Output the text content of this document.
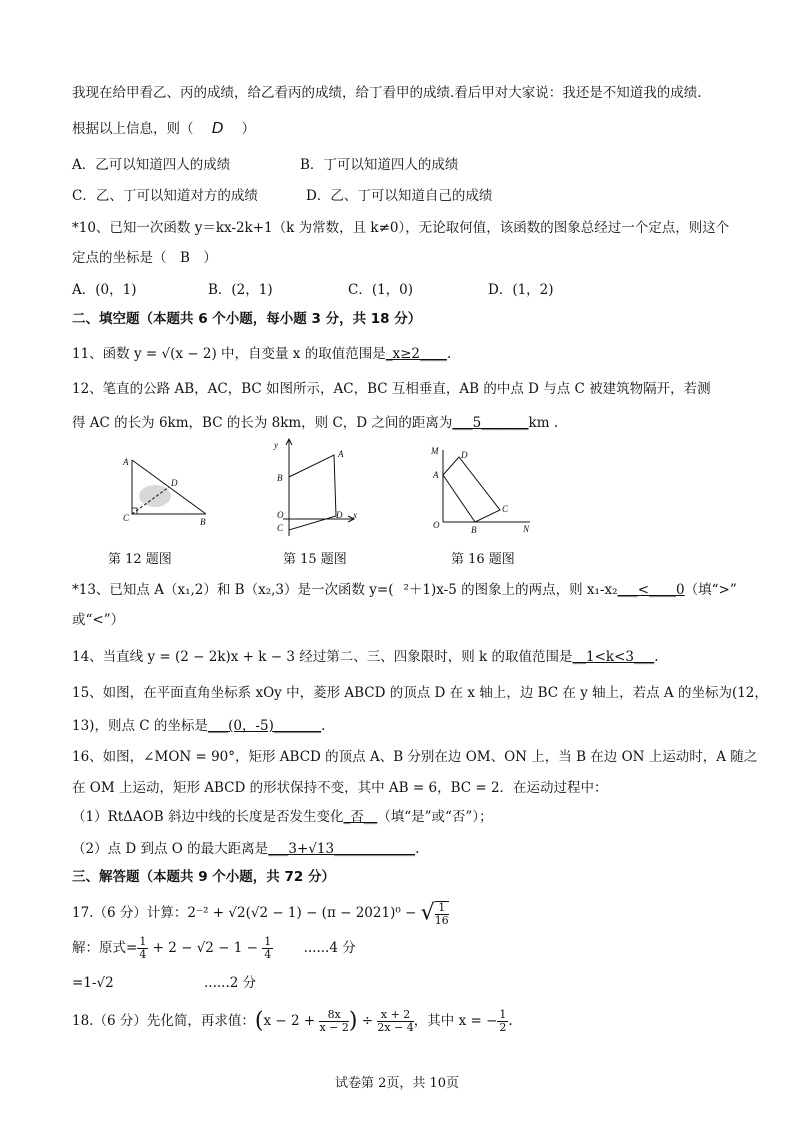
我现在给甲看乙、丙的成绩，给乙看丙的成绩，给丁看甲的成绩.看后甲对大家说：我还是不知道我的成绩.
根据以上信息，则（ D ）
A．乙可以知道四人的成绩	B．丁可以知道四人的成绩
C．乙、丁可以知道对方的成绩	D．乙、丁可以知道自己的成绩
*10、已知一次函数 y＝kx-2k+1（k 为常数，且 k≠0），无论取何值，该函数的图象总经过一个定点，则这个
定点的坐标是（　B　）
A．(0，1)	B．(2，1)	C．(1，0)	D．(1，2)
二、填空题（本题共 6 个小题，每小题 3 分，共 18 分）
11、函数 y = √(x − 2) 中，自变量 x 的取值范围是_x≥2____.
12、笔直的公路 AB，AC，BC 如图所示，AC，BC 互相垂直，AB 的中点 D 与点 C 被建筑物隔开，若测
得 AC 的长为 6km，BC 的长为 8km，则 C，D 之间的距离为___5_______km .
A
D
C	B
第 12 题图
y
A
B
O
C
D x
第 15 题图
M	D
A
C
O	B	N
第 16 题图
*13、已知点 A（x₁,2）和 B（x₂,3）是一次函数 y=( ²＋1)x-5 的图象上的两点，则 x₁-x₂___<____0（填“>”
或“<”）
14、当直线 y = (2 − 2k)x + k − 3 经过第二、三、四象限时，则 k 的取值范围是__1<k<3___.
15、如图，在平面直角坐标系 xOy 中，菱形 ABCD 的顶点 D 在 x 轴上，边 BC 在 y 轴上，若点 A 的坐标为(12，
13)，则点 C 的坐标是___(0，-5)_______.
16、如图，∠MON = 90°，矩形 ABCD 的顶点 A、B 分别在边 OM、ON 上，当 B 在边 ON 上运动时，A 随之
在 OM 上运动，矩形 ABCD 的形状保持不变，其中 AB = 6，BC = 2．在运动过程中：
（1）RtΔAOB 斜边中线的长度是否发生变化_否__（填“是”或“否”）；
（2）点 D 到点 O 的最大距离是___3+√13____________.
三、解答题（本题共 9 个小题，共 72 分）
17.（6 分）计算：2⁻² + √2(√2 − 1) − (π − 2021)⁰ − √ $\frac{1}{16}$
解：原式= $\frac{1}{4} + 2 - √2 - 1 - \frac{1}{4} ......4$ 分
=1-√2	......2 分
18.（6 分）先化简，再求值：($x - 2 + \frac{8x}{x - 2}$ ) ÷ $\frac{x + 2}{2x - 4}$ ，其中 x = − $\frac{1}{2}$ .
试卷第 2页，共 10页
